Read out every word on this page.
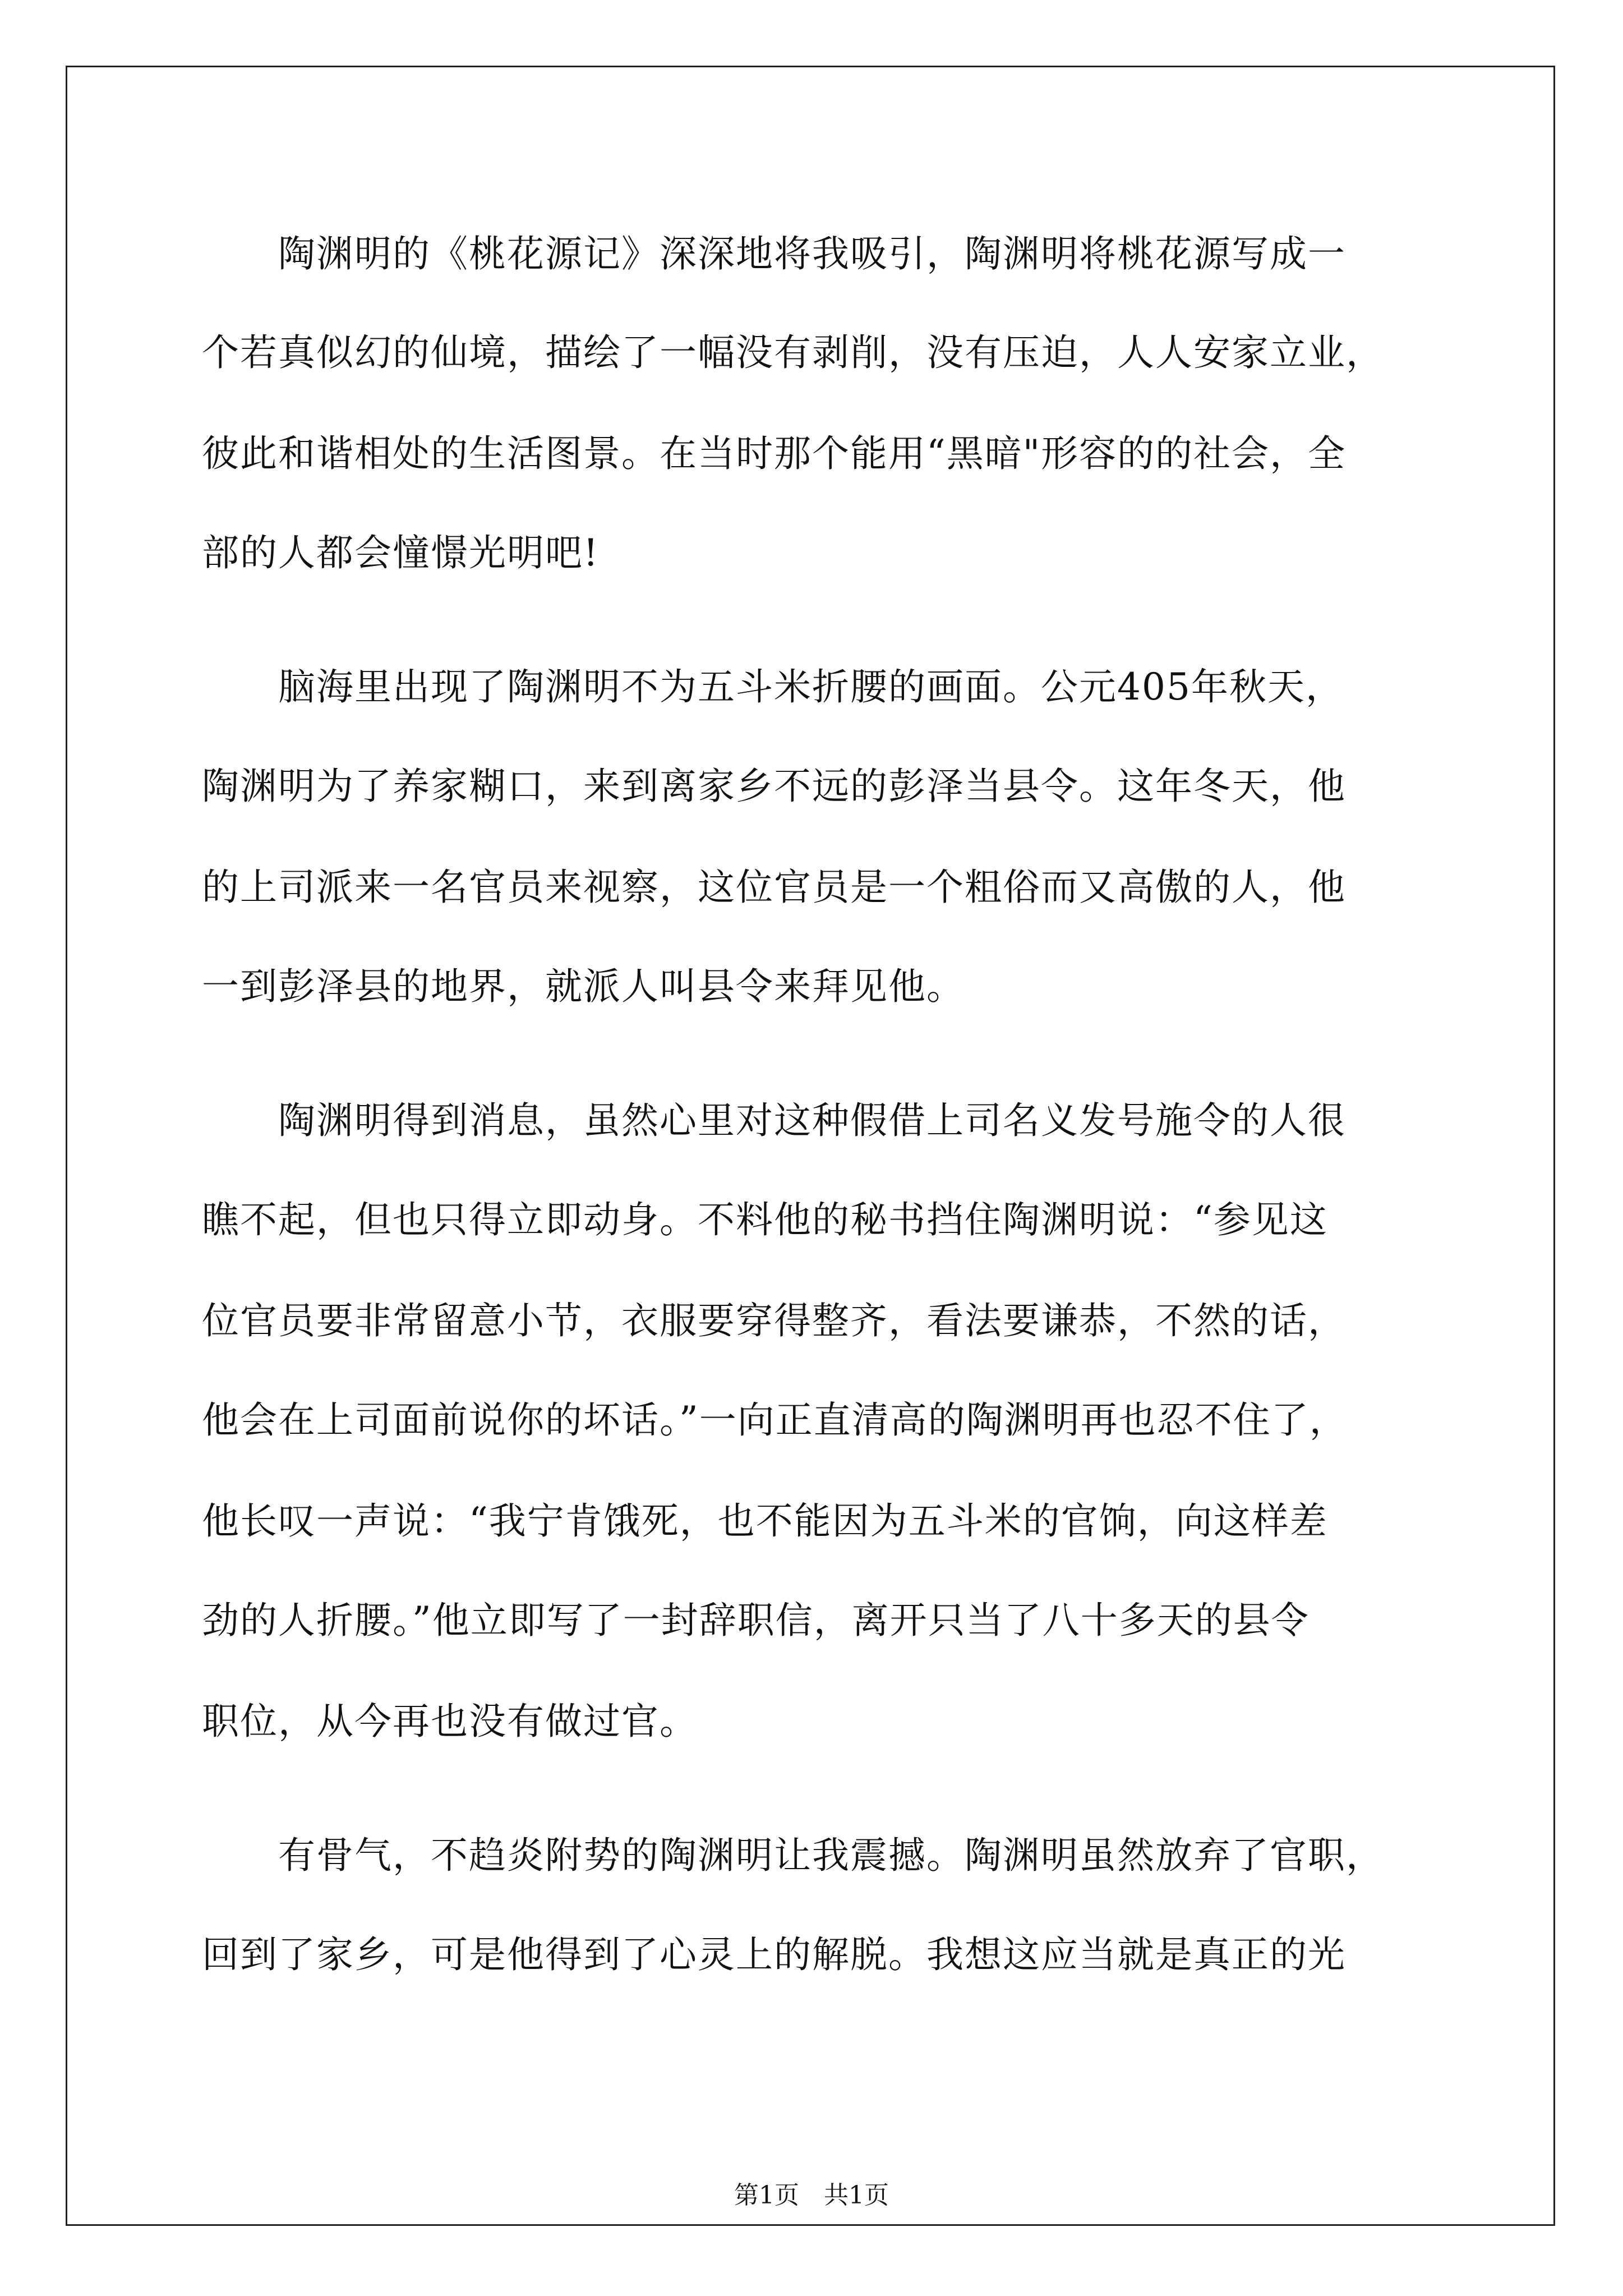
　　陶渊明的《桃花源记》深深地将我吸引，陶渊明将桃花源写成一
个若真似幻的仙境，描绘了一幅没有剥削，没有压迫，人人安家立业，
彼此和谐相处的生活图景。在当时那个能用“黑暗"形容的的社会，全
部的人都会憧憬光明吧!
　　脑海里出现了陶渊明不为五斗米折腰的画面。公元405年秋天，
陶渊明为了养家糊口，来到离家乡不远的彭泽当县令。这年冬天，他
的上司派来一名官员来视察，这位官员是一个粗俗而又高傲的人，他
一到彭泽县的地界，就派人叫县令来拜见他。
　　陶渊明得到消息，虽然心里对这种假借上司名义发号施令的人很
瞧不起，但也只得立即动身。不料他的秘书挡住陶渊明说：“参见这
位官员要非常留意小节，衣服要穿得整齐，看法要谦恭，不然的话，
他会在上司面前说你的坏话。”一向正直清高的陶渊明再也忍不住了，
他长叹一声说：“我宁肯饿死，也不能因为五斗米的官饷，向这样差
劲的人折腰。”他立即写了一封辞职信，离开只当了八十多天的县令
职位，从今再也没有做过官。
　　有骨气，不趋炎附势的陶渊明让我震撼。陶渊明虽然放弃了官职，
回到了家乡，可是他得到了心灵上的解脱。我想这应当就是真正的光
第1页　共1页
